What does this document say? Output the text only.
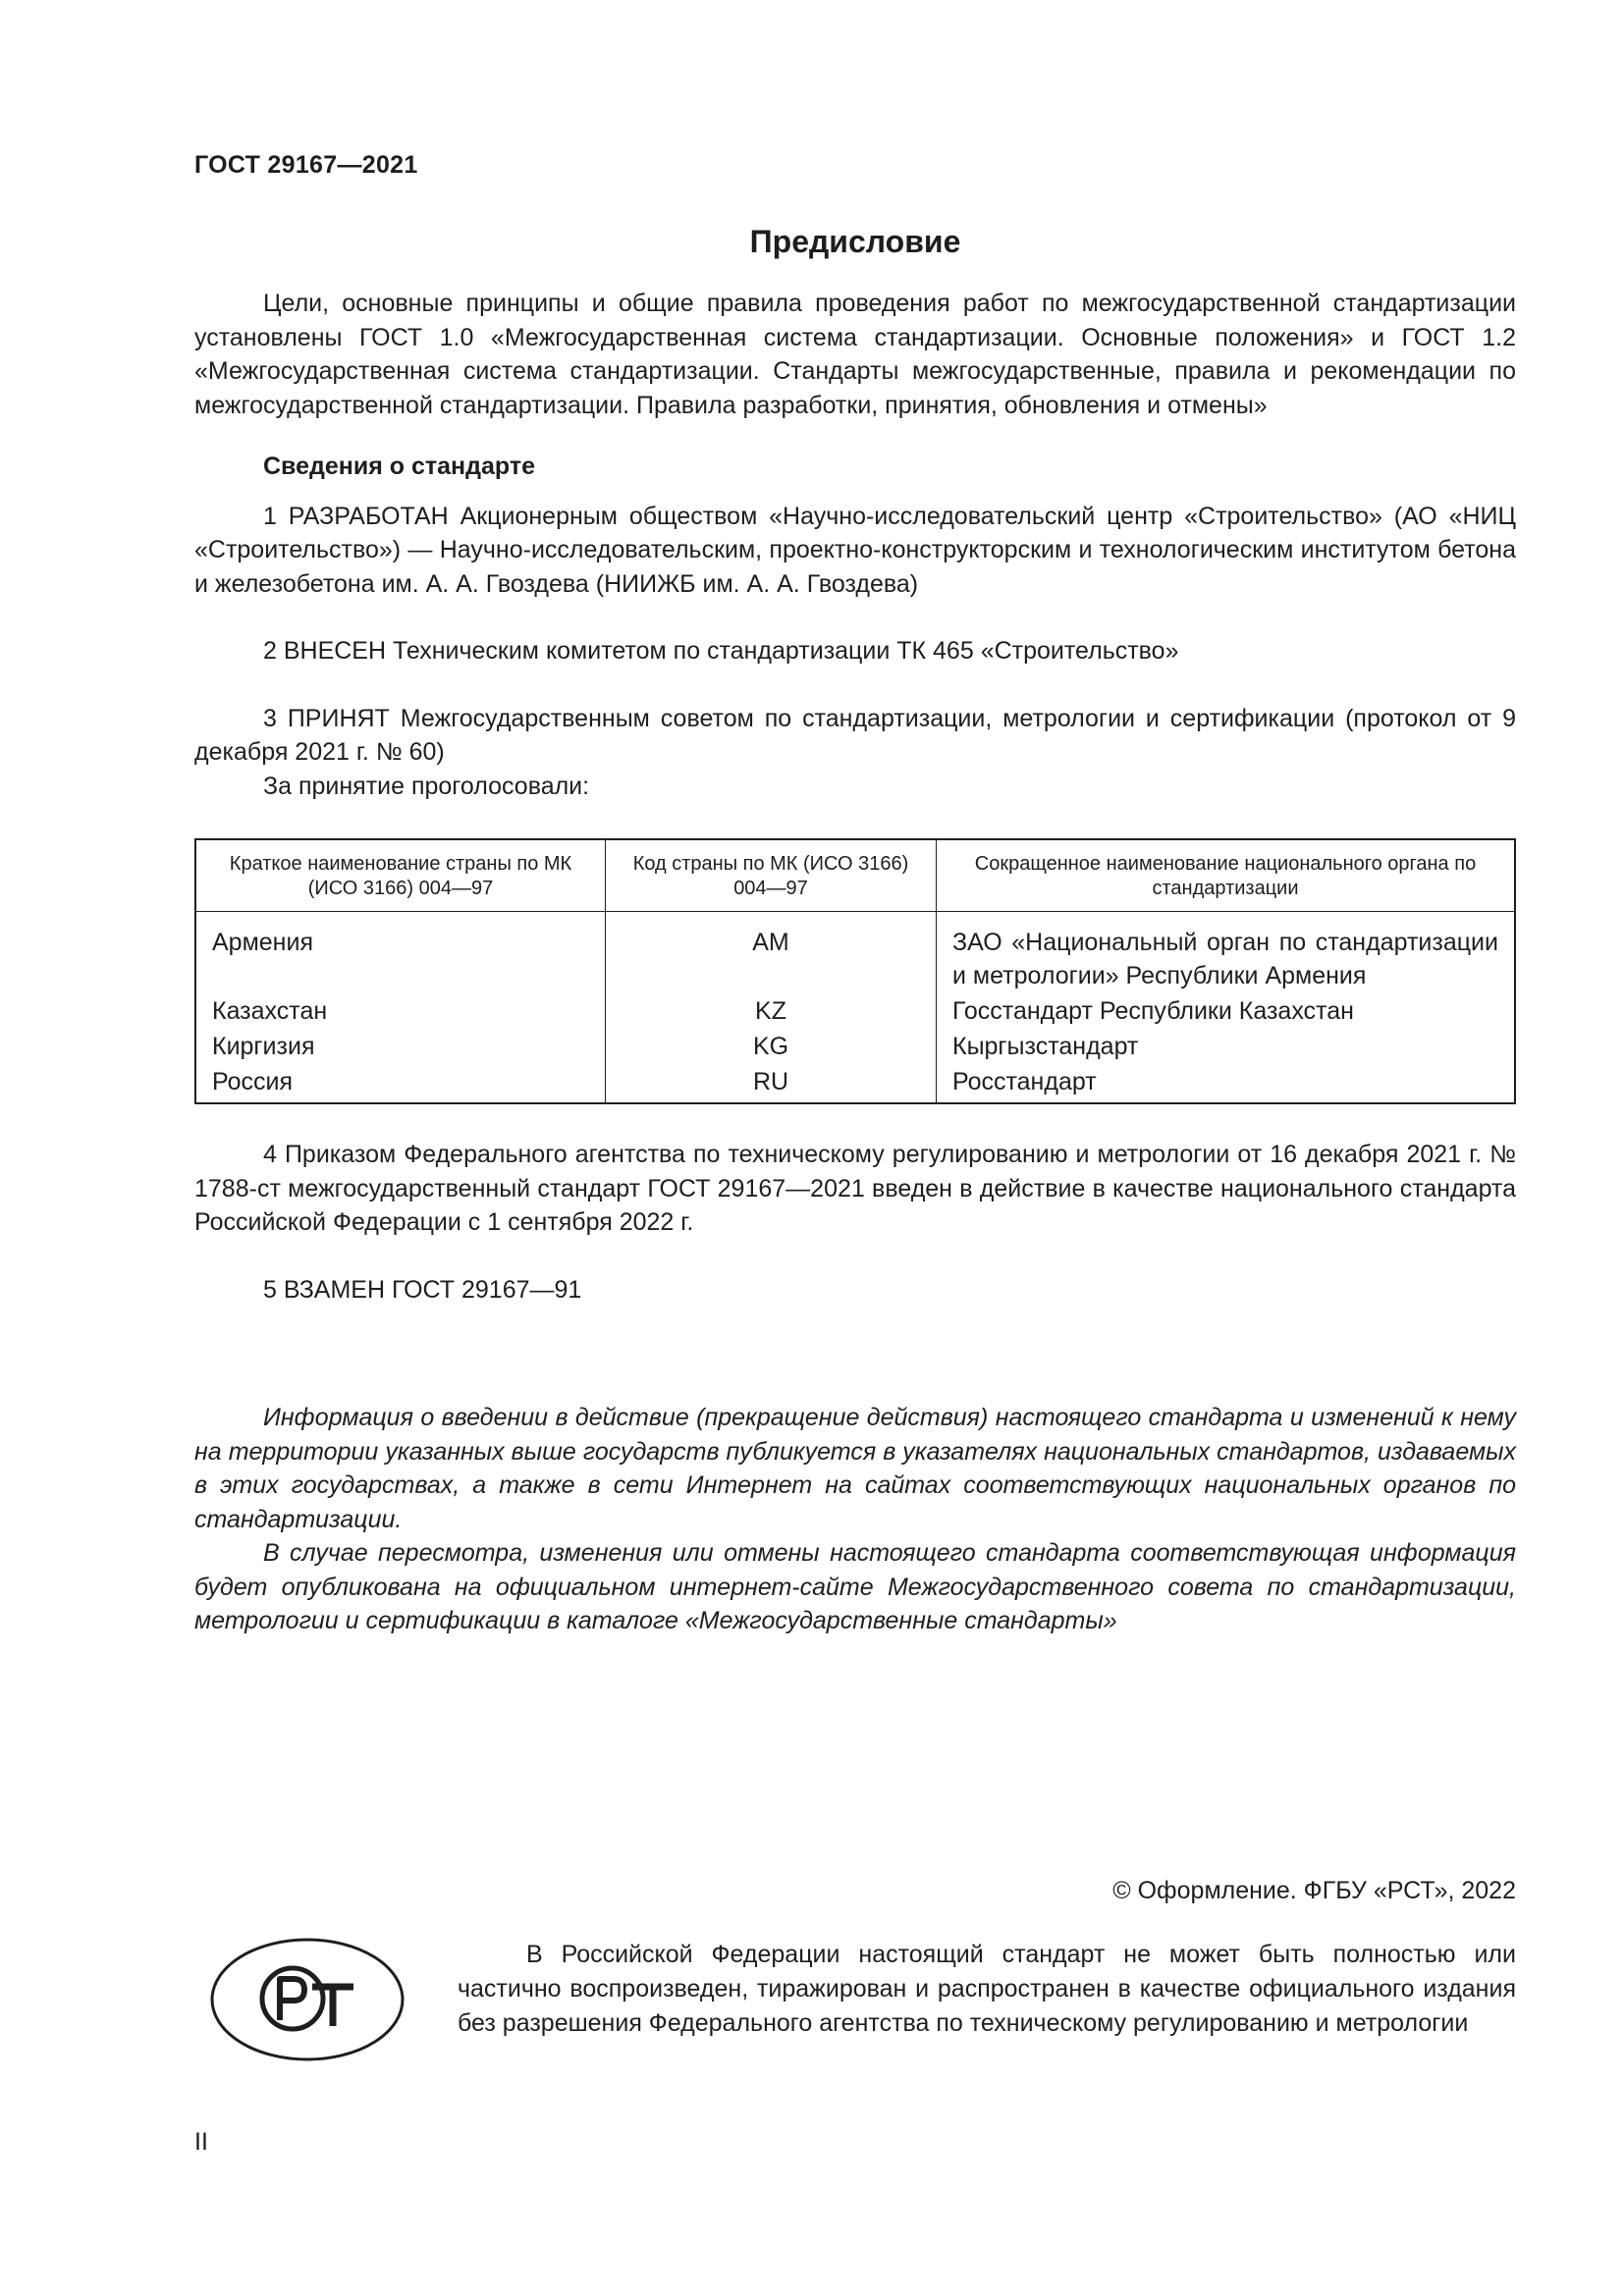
ГОСТ 29167—2021
Предисловие

Цели, основные принципы и общие правила проведения работ по межгосударственной стандартизации установлены ГОСТ 1.0 «Межгосударственная система стандартизации. Основные положения» и ГОСТ 1.2 «Межгосударственная система стандартизации. Стандарты межгосударственные, правила и рекомендации по межгосударственной стандартизации. Правила разработки, принятия, обновления и отмены»

Сведения о стандарте

1 РАЗРАБОТАН Акционерным обществом «Научно-исследовательский центр «Строительство» (АО «НИЦ «Строительство») — Научно-исследовательским, проектно-конструкторским и технологическим институтом бетона и железобетона им. А. А. Гвоздева (НИИЖБ им. А. А. Гвоздева)

2 ВНЕСЕН Техническим комитетом по стандартизации ТК 465 «Строительство»

3 ПРИНЯТ Межгосударственным советом по стандартизации, метрологии и сертификации (протокол от 9 декабря 2021 г. № 60)

За принятие проголосовали:

Краткое наименование страны по МК (ИСО 3166) 004—97	Код страны по МК (ИСО 3166) 004—97	Сокращенное наименование национального органа по стандартизации
Армения	AM	ЗАО «Национальный орган по стандартизации и метрологии» Республики Армения
Казахстан	KZ	Госстандарт Республики Казахстан
Киргизия	KG	Кыргызстандарт
Россия	RU	Росстандарт

4 Приказом Федерального агентства по техническому регулированию и метрологии от 16 декабря 2021 г. № 1788-ст межгосударственный стандарт ГОСТ 29167—2021 введен в действие в качестве национального стандарта Российской Федерации с 1 сентября 2022 г.

5 ВЗАМЕН ГОСТ 29167—91

Информация о введении в действие (прекращение действия) настоящего стандарта и изменений к нему на территории указанных выше государств публикуется в указателях национальных стандартов, издаваемых в этих государствах, а также в сети Интернет на сайтах соответствующих национальных органов по стандартизации.

В случае пересмотра, изменения или отмены настоящего стандарта соответствующая информация будет опубликована на официальном интернет-сайте Межгосударственного совета по стандартизации, метрологии и сертификации в каталоге «Межгосударственные стандарты»

© Оформление. ФГБУ «РСТ», 2022
РСТ

В Российской Федерации настоящий стандарт не может быть полностью или частично воспроизведен, тиражирован и распространен в качестве официального издания без разрешения Федерального агентства по техническому регулированию и метрологии

II
